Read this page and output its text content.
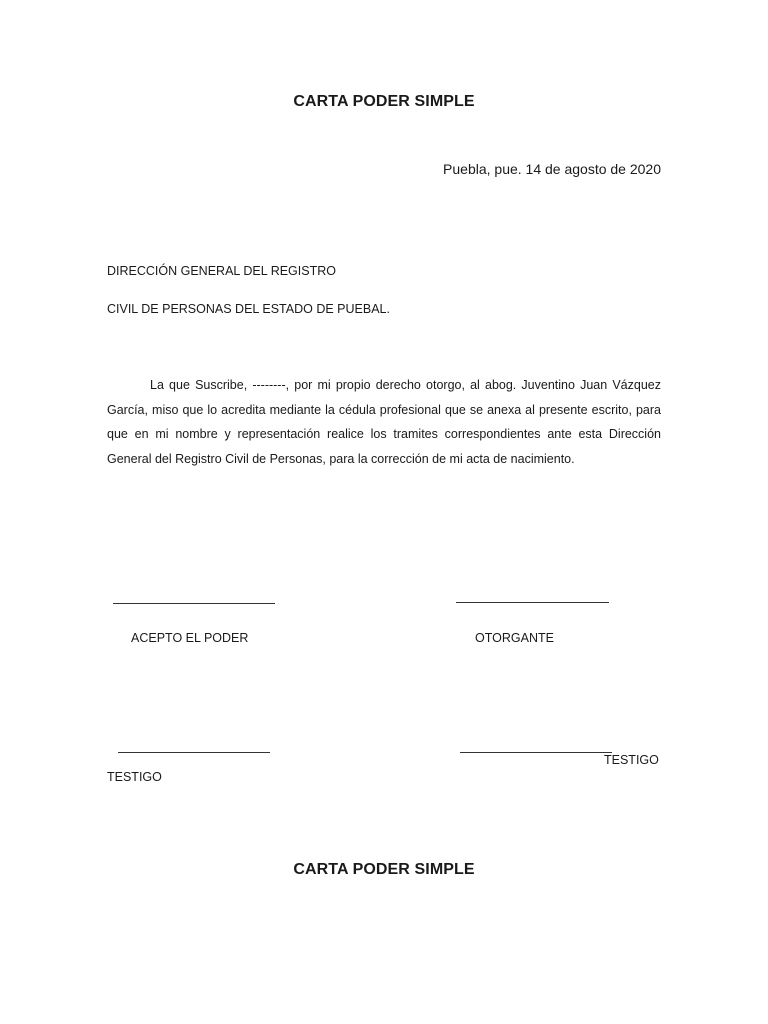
CARTA PODER SIMPLE
Puebla, pue. 14 de agosto de 2020
DIRECCIÓN GENERAL DEL REGISTRO
CIVIL DE PERSONAS DEL ESTADO DE PUEBAL.
La que Suscribe, --------, por mi propio derecho otorgo, al abog. Juventino Juan Vázquez García, miso que lo acredita mediante la cédula profesional que se anexa al presente escrito, para que en mi nombre y representación realice los tramites correspondientes ante esta Dirección General del Registro Civil de Personas, para la corrección de mi acta de nacimiento.
ACEPTO EL PODER	OTORGANTE
TESTIGO
TESTIGO
CARTA PODER SIMPLE
